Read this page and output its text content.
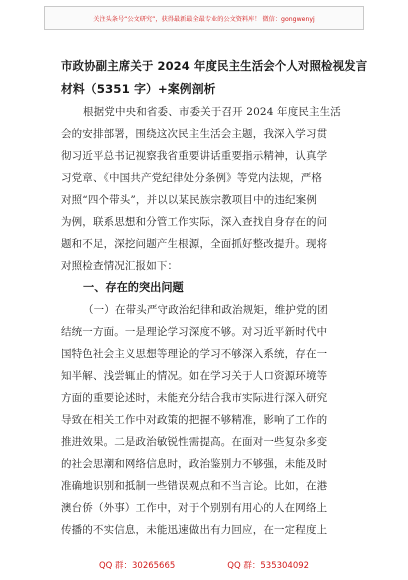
关注头条号“公文研究”，获得最新最全最专业的公文资料库！ 微信：gongwenyj
市政协副主席关于 2024 年度民主生活会个人对照检视发言
材料（5351 字）+案例剖析
根据党中央和省委、市委关于召开 2024 年度民主生活
会的安排部署，围绕这次民主生活会主题，我深入学习贯
彻习近平总书记视察我省重要讲话重要指示精神，认真学
习党章、《中国共产党纪律处分条例》等党内法规，严格
对照“四个带头”，并以以某民族宗教项目中的违纪案例
为例，联系思想和分管工作实际，深入查找自身存在的问
题和不足，深挖问题产生根源，全面抓好整改提升。现将
对照检查情况汇报如下：
一、存在的突出问题
（一）在带头严守政治纪律和政治规矩，维护党的团
结统一方面。一是理论学习深度不够。对习近平新时代中
国特色社会主义思想等理论的学习不够深入系统，存在一
知半解、浅尝辄止的情况。如在学习关于人口资源环境等
方面的重要论述时，未能充分结合我市实际进行深入研究
导致在相关工作中对政策的把握不够精准，影响了工作的
推进效果。二是政治敏锐性需提高。在面对一些复杂多变
的社会思潮和网络信息时，政治鉴别力不够强，未能及时
准确地识别和抵制一些错误观点和不当言论。比如，在港
澳台侨（外事）工作中，对于个别别有用心的人在网络上
传播的不实信息，未能迅速做出有力回应，在一定程度上
QQ 群：30265665	QQ 群：535304092
